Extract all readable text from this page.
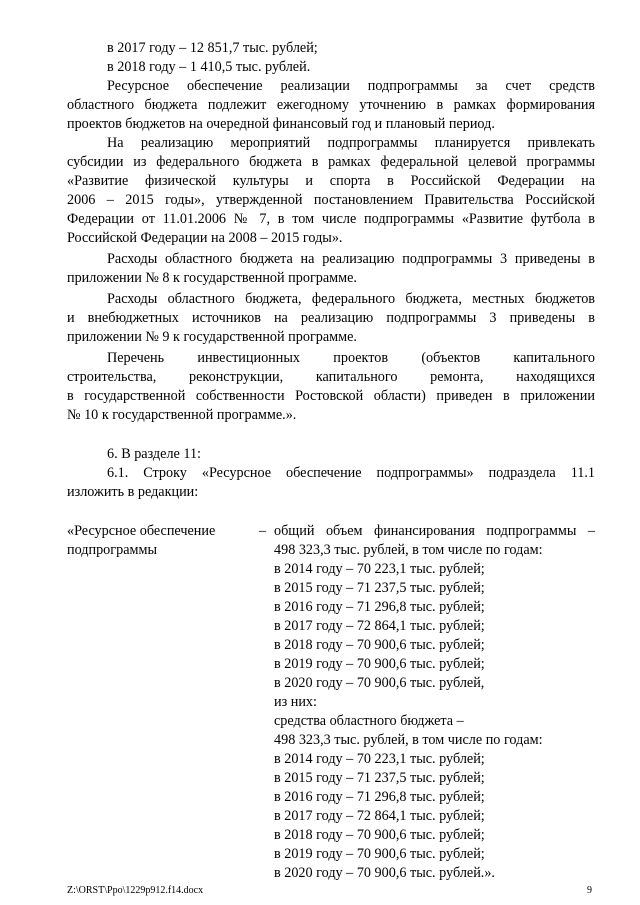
в 2017 году – 12 851,7 тыс. рублей;
в 2018 году – 1 410,5 тыс. рублей.
Ресурсное обеспечение реализации подпрограммы за счет средств
областного бюджета подлежит ежегодному уточнению в рамках формирования
проектов бюджетов на очередной финансовый год и плановый период.
На реализацию мероприятий подпрограммы планируется привлекать
субсидии из федерального бюджета в рамках федеральной целевой программы
«Развитие физической культуры и спорта в Российской Федерации на
2006 – 2015 годы», утвержденной постановлением Правительства Российской
Федерации от 11.01.2006 № 7, в том числе подпрограммы «Развитие футбола в
Российской Федерации на 2008 – 2015 годы».
Расходы областного бюджета на реализацию подпрограммы 3 приведены в
приложении № 8 к государственной программе.
Расходы областного бюджета, федерального бюджета, местных бюджетов
и внебюджетных источников на реализацию подпрограммы 3 приведены в
приложении № 9 к государственной программе.
Перечень инвестиционных проектов (объектов капитального
строительства, реконструкции, капитального ремонта, находящихся
в государственной собственности Ростовской области) приведен в приложении
№ 10 к государственной программе.».
6. В разделе 11:
6.1. Строку «Ресурсное обеспечение подпрограммы» подраздела 11.1
изложить в редакции:
«Ресурсное обеспечение
подпрограммы
– общий объем финансирования подпрограммы –
498 323,3 тыс. рублей, в том числе по годам:
в 2014 году – 70 223,1 тыс. рублей;
в 2015 году – 71 237,5 тыс. рублей;
в 2016 году – 71 296,8 тыс. рублей;
в 2017 году – 72 864,1 тыс. рублей;
в 2018 году – 70 900,6 тыс. рублей;
в 2019 году – 70 900,6 тыс. рублей;
в 2020 году – 70 900,6 тыс. рублей,
из них:
средства областного бюджета –
498 323,3 тыс. рублей, в том числе по годам:
в 2014 году – 70 223,1 тыс. рублей;
в 2015 году – 71 237,5 тыс. рублей;
в 2016 году – 71 296,8 тыс. рублей;
в 2017 году – 72 864,1 тыс. рублей;
в 2018 году – 70 900,6 тыс. рублей;
в 2019 году – 70 900,6 тыс. рублей;
в 2020 году – 70 900,6 тыс. рублей.».
Z:\ORST\Ppo\1229p912.f14.docx	9
